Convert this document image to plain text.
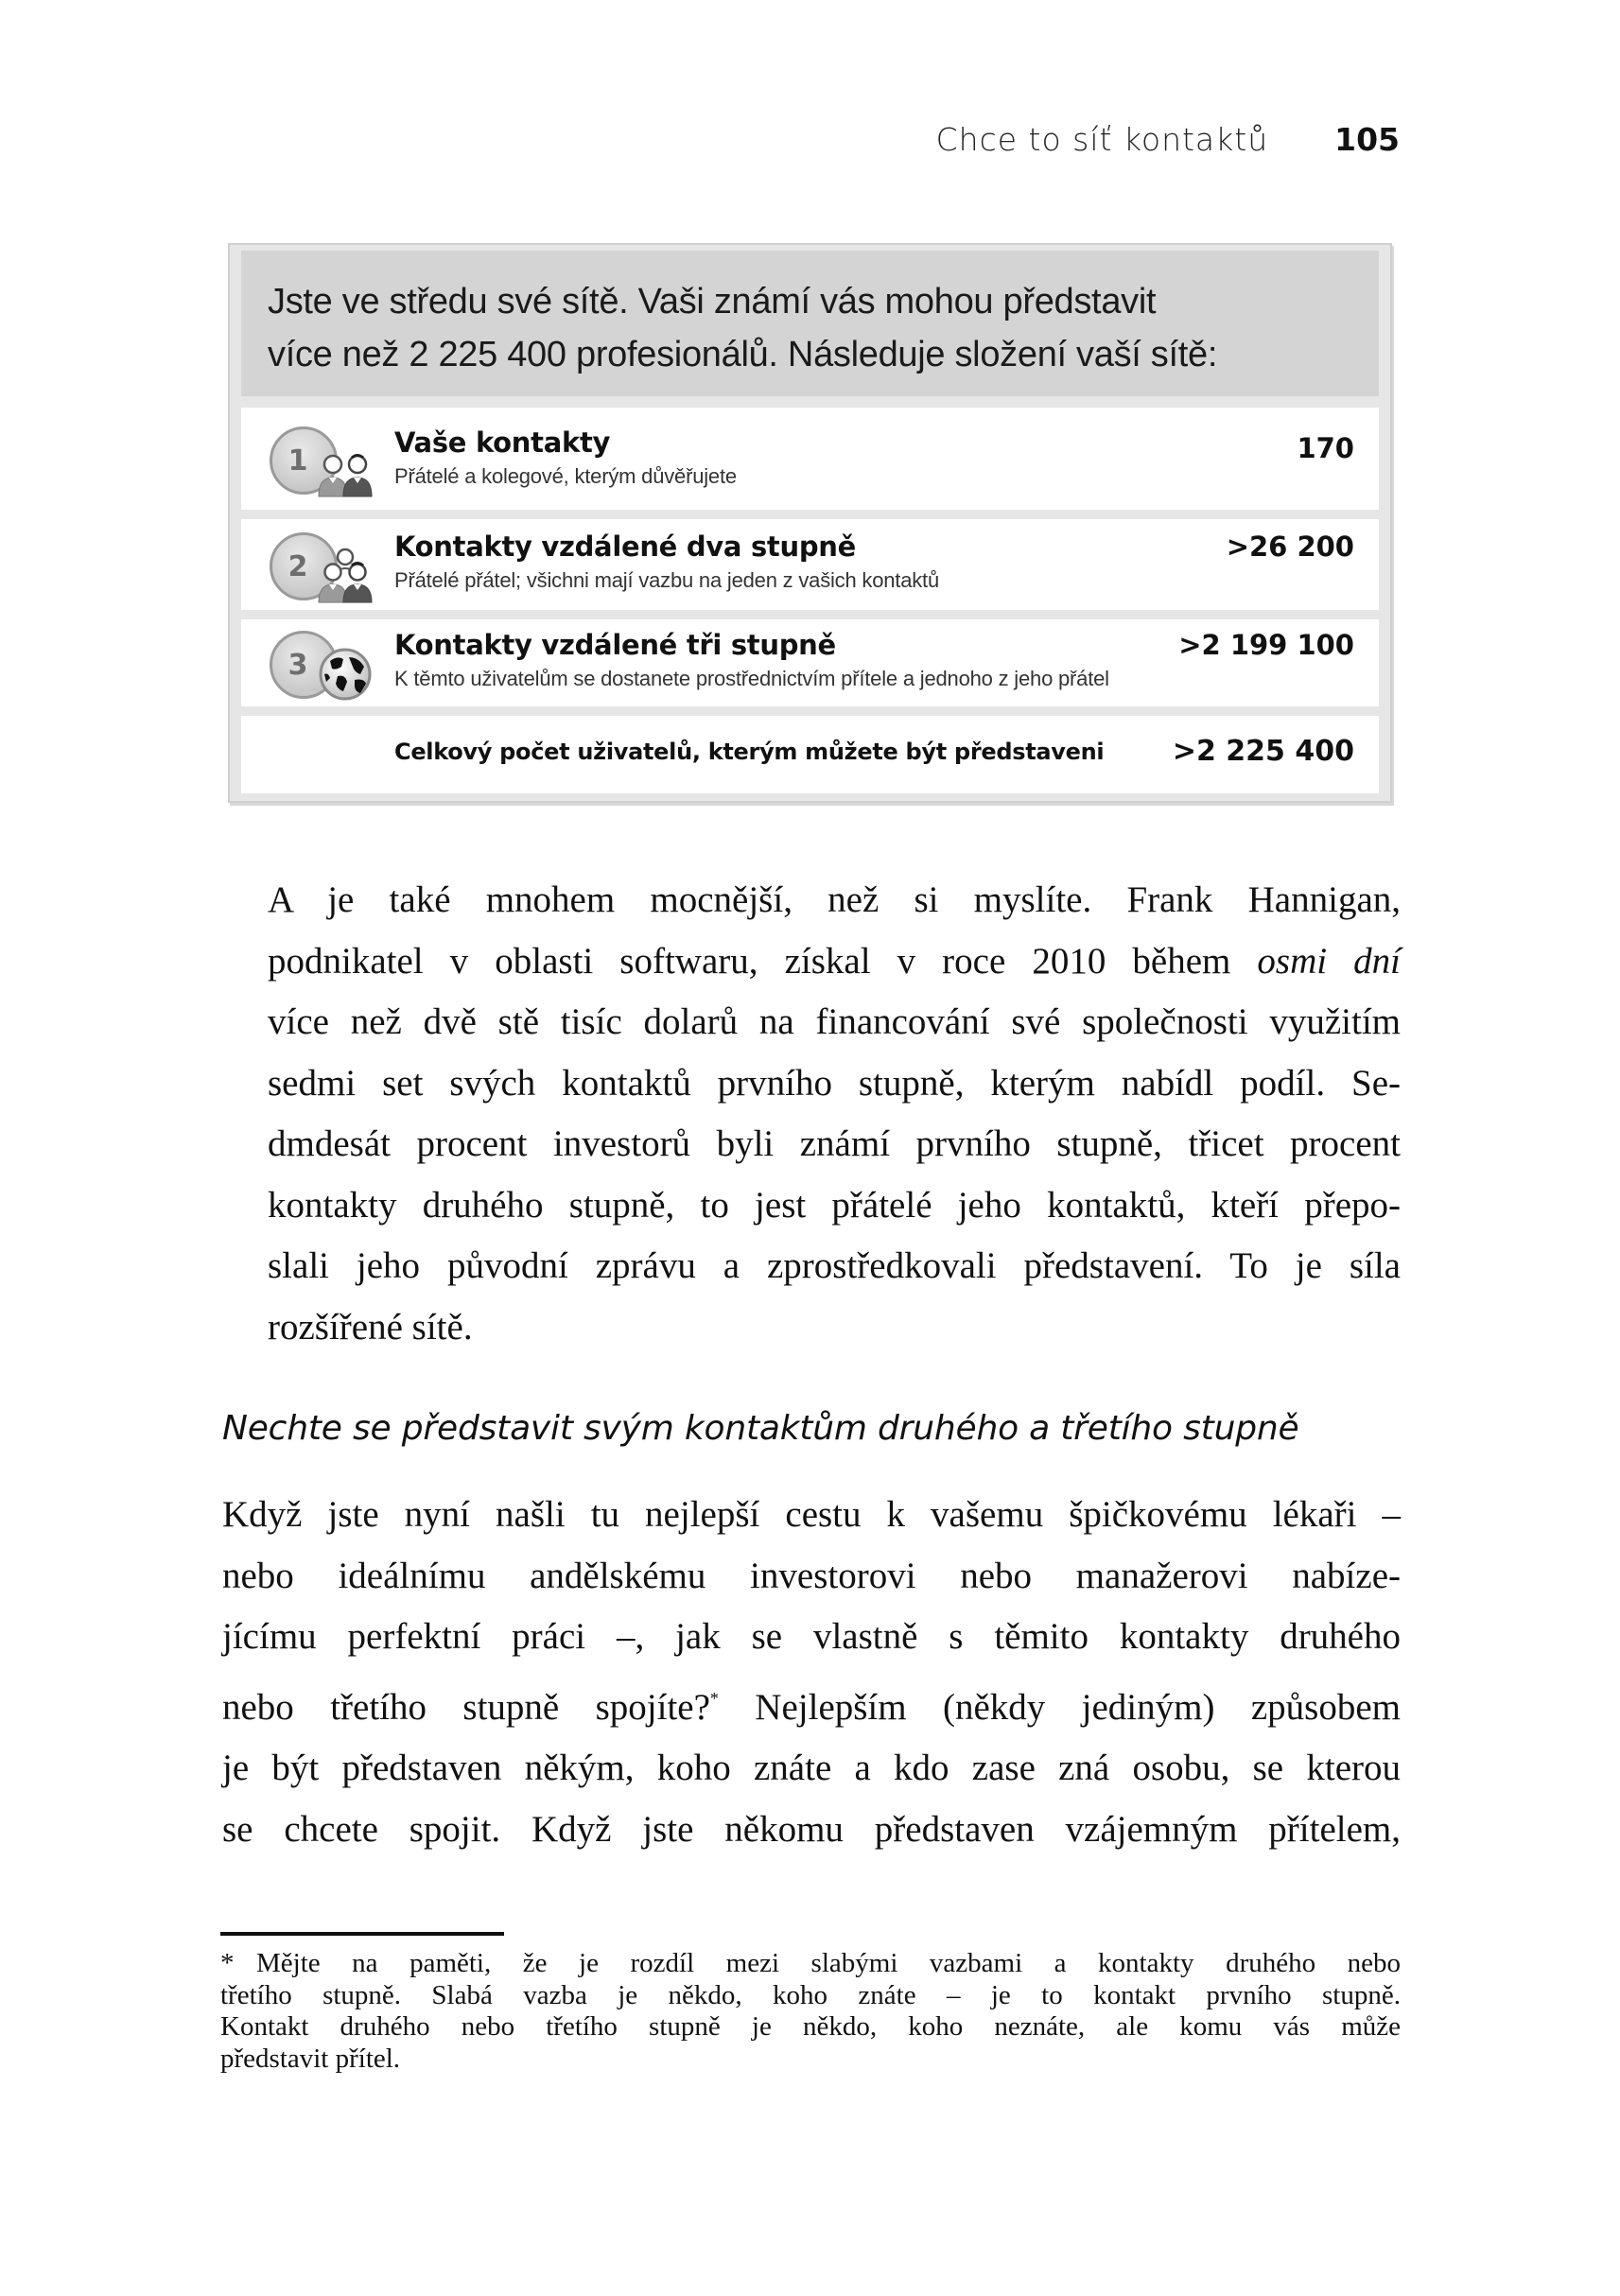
Chce to síť kontaktů 105

Jste ve středu své sítě. Vaši známí vás mohou představit
více než 2 225 400 profesionálů. Následuje složení vaší sítě:

1
Vaše kontakty
Přátelé a kolegové, kterým důvěřujete
170
2
Kontakty vzdálené dva stupně
Přátelé přátel; všichni mají vazbu na jeden z vašich kontaktů
>26 200
3
Kontakty vzdálené tři stupně
K těmto uživatelům se dostanete prostřednictvím přítele a jednoho z jeho přátel
>2 199 100
Celkový počet uživatelů, kterým můžete být představeni >2 225 400

A je také mnohem mocnější, než si myslíte. Frank Hannigan,
podnikatel v oblasti softwaru, získal v roce 2010 během osmi dní
více než dvě stě tisíc dolarů na financování své společnosti využitím
sedmi set svých kontaktů prvního stupně, kterým nabídl podíl. Se-
dmdesát procent investorů byli známí prvního stupně, třicet procent
kontakty druhého stupně, to jest přátelé jeho kontaktů, kteří přepo-
slali jeho původní zprávu a zprostředkovali představení. To je síla
rozšířené sítě.

Nechte se představit svým kontaktům druhého a třetího stupně

Když jste nyní našli tu nejlepší cestu k vašemu špičkovému lékaři –
nebo ideálnímu andělskému investorovi nebo manažerovi nabíze-
jícímu perfektní práci –, jak se vlastně s těmito kontakty druhého
nebo třetího stupně spojíte?* Nejlepším (někdy jediným) způsobem
je být představen někým, koho znáte a kdo zase zná osobu, se kterou
se chcete spojit. Když jste někomu představen vzájemným přítelem,

* Mějte na paměti, že je rozdíl mezi slabými vazbami a kontakty druhého nebo
třetího stupně. Slabá vazba je někdo, koho znáte – je to kontakt prvního stupně.
Kontakt druhého nebo třetího stupně je někdo, koho neznáte, ale komu vás může
představit přítel.
